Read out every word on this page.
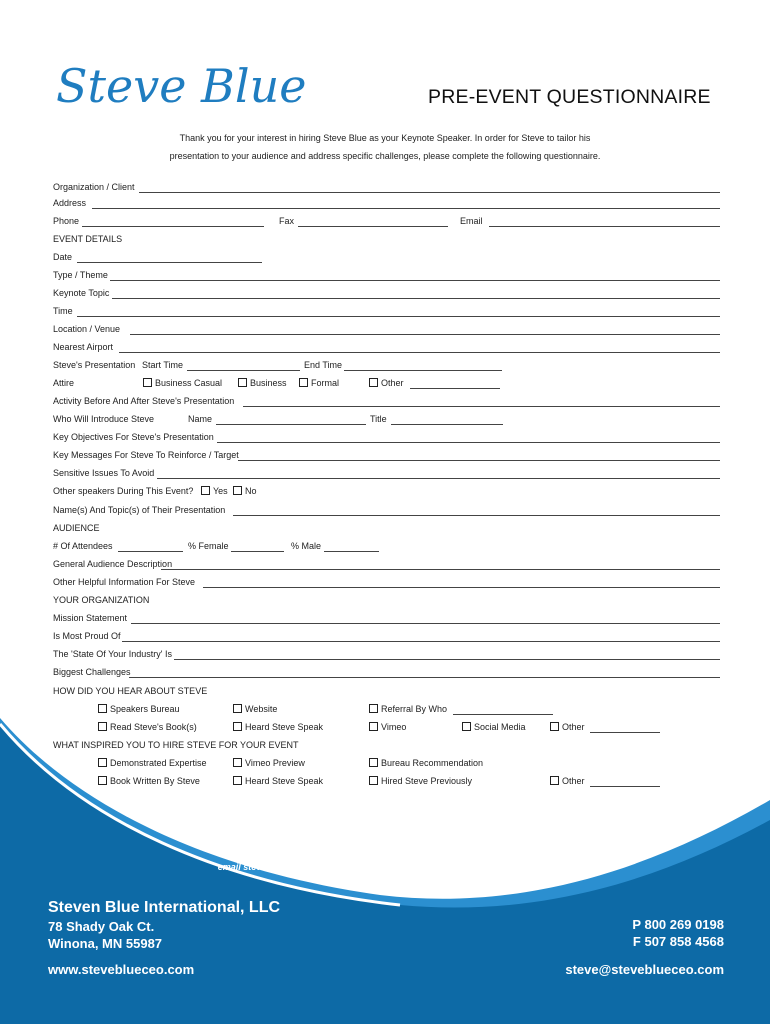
Steve Blue	PRE-EVENT QUESTIONNAIRE
Thank you for your interest in hiring Steve Blue as your Keynote Speaker. In order for Steve to tailor his
presentation to your audience and address specific challenges, please complete the following questionnaire.
Organization / Client
Address
Phone	Fax	Email
EVENT DETAILS
Date
Type / Theme
Keynote Topic
Time
Location / Venue
Nearest Airport
Steve's Presentation Start Time	End Time
Attire	Business Casual	Business	Formal	Other
Activity Before And After Steve's Presentation
Who Will Introduce Steve	Name	Title
Key Objectives For Steve's Presentation
Key Messages For Steve To Reinforce / Target
Sensitive Issues To Avoid
Other speakers During This Event?	Yes	No
Name(s) And Topic(s) of Their Presentation
AUDIENCE
# Of Attendees	% Female	% Male
General Audience Description
Other Helpful Information For Steve
YOUR ORGANIZATION
Mission Statement
Is Most Proud Of
The 'State Of Your Industry' Is
Biggest Challenges
HOW DID YOU HEAR ABOUT STEVE
Speakers Bureau	Website	Referral By Who
Read Steve's Book(s)	Heard Steve Speak	Vimeo	Social Media	Other
WHAT INSPIRED YOU TO HIRE STEVE FOR YOUR EVENT
Demonstrated Expertise	Vimeo Preview	Bureau Recommendation
Book Written By Steve	Heard Steve Speak	Hired Steve Previously	Other
Please return your completed Questionnaire to Steve by:
email steve@steveblueceo.com fax 507.858.4568 or mail to the address below.
Steven Blue International, LLC
78 Shady Oak Ct.
Winona, MN 55987
www.steveblueceo.com
P 800 269 0198
F 507 858 4568
steve@steveblueceo.com
